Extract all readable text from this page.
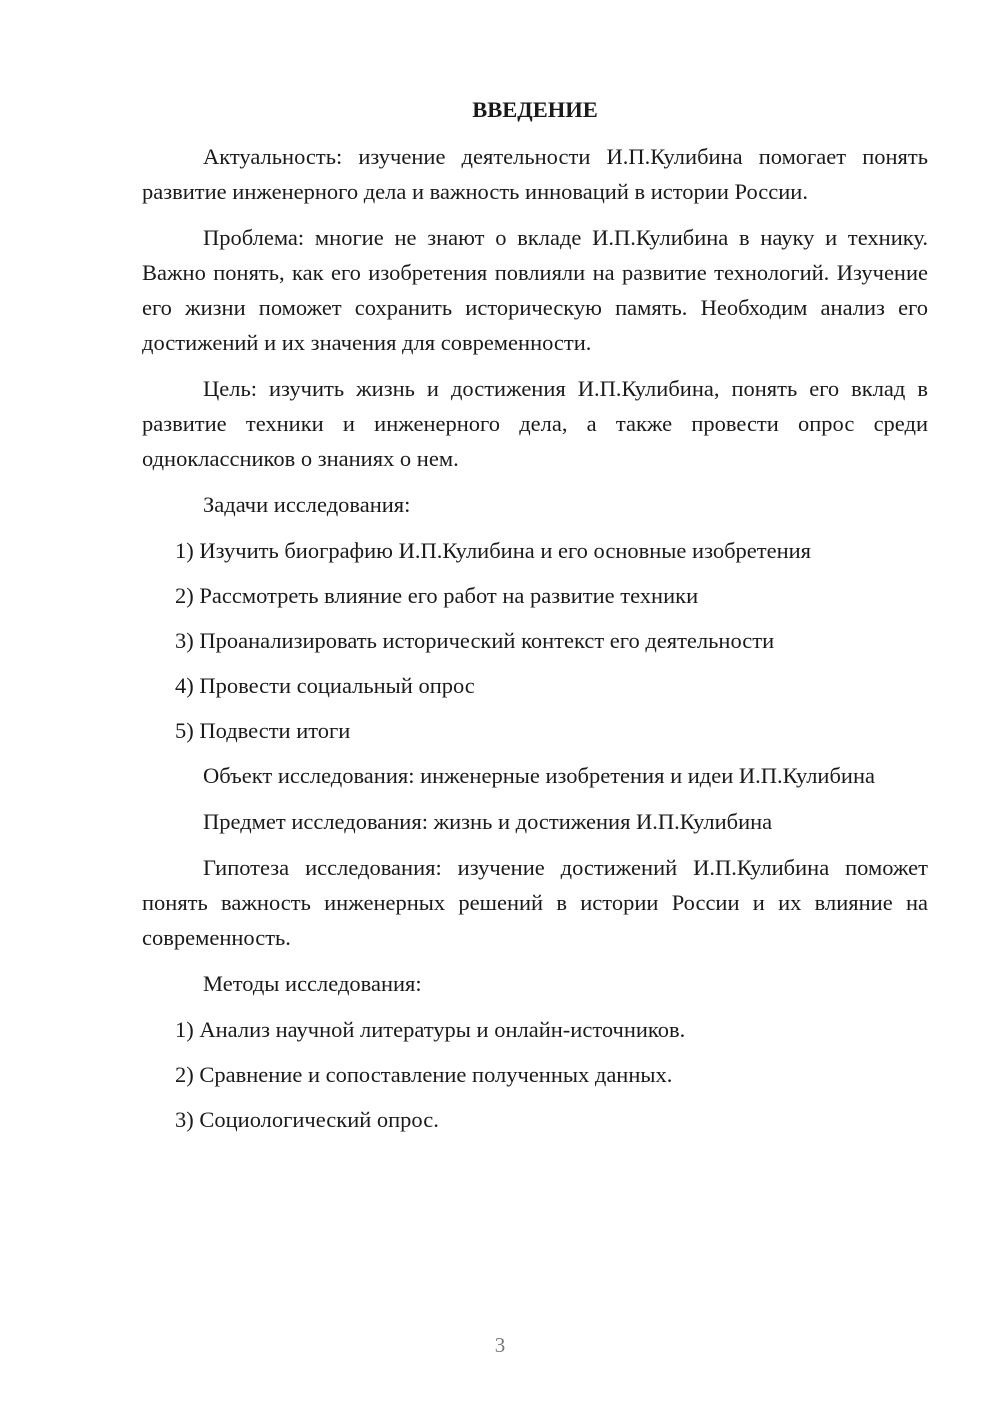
ВВЕДЕНИЕ

Актуальность: изучение деятельности И.П.Кулибина помогает понять развитие инженерного дела и важность инноваций в истории России.

Проблема: многие не знают о вкладе И.П.Кулибина в науку и технику. Важно понять, как его изобретения повлияли на развитие технологий. Изучение его жизни поможет сохранить историческую память. Необходим анализ его достижений и их значения для современности.

Цель: изучить жизнь и достижения И.П.Кулибина, понять его вклад в развитие техники и инженерного дела, а также провести опрос среди одноклассников о знаниях о нем.

Задачи исследования:

1) Изучить биографию И.П.Кулибина и его основные изобретения
2) Рассмотреть влияние его работ на развитие техники
3) Проанализировать исторический контекст его деятельности
4) Провести социальный опрос
5) Подвести итоги

Объект исследования: инженерные изобретения и идеи И.П.Кулибина

Предмет исследования: жизнь и достижения И.П.Кулибина

Гипотеза исследования: изучение достижений И.П.Кулибина поможет понять важность инженерных решений в истории России и их влияние на современность.

Методы исследования:

1) Анализ научной литературы и онлайн-источников.
2) Сравнение и сопоставление полученных данных.
3) Социологический опрос.
3
